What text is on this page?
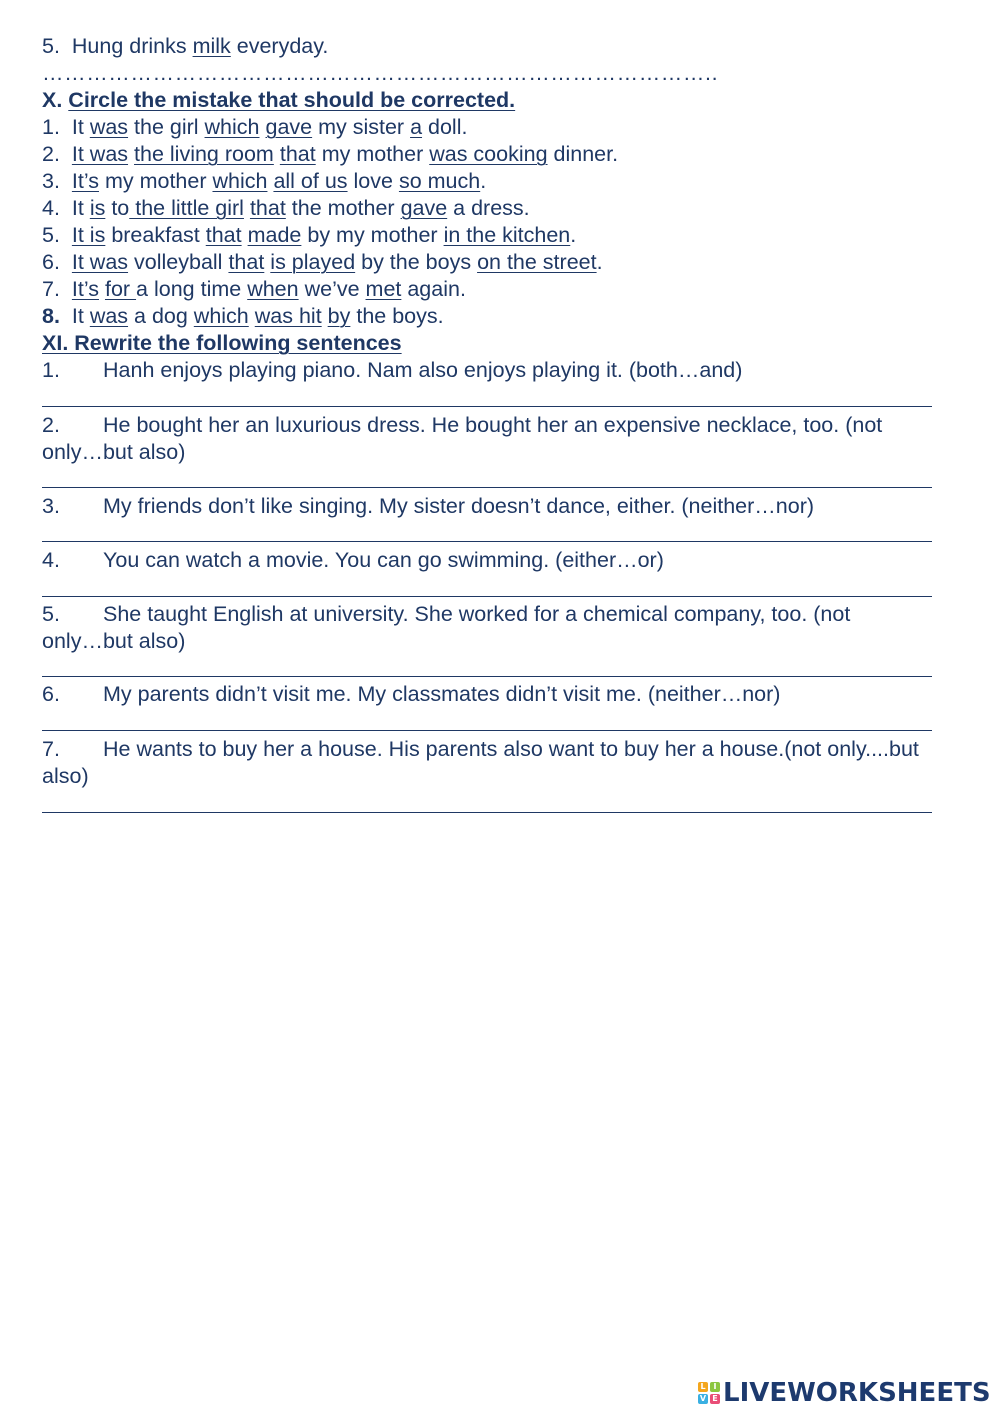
5.  Hung drinks milk everyday.

………………………………………………………………………………..

X. Circle the mistake that should be corrected.

1.  It was the girl which gave my sister a doll.

2.  It was the living room that my mother was cooking dinner.

3.  It’s my mother which all of us love so much.

4.  It is to the little girl that the mother gave a dress.

5.  It is breakfast that made by my mother in the kitchen.

6.  It was volleyball that is played by the boys on the street.

7.  It’s for a long time when we’ve met again.

8.  It was a dog which was hit by the boys.

XI. Rewrite the following sentences

1. Hanh enjoys playing piano. Nam also enjoys playing it. (both…and)

2. He bought her an luxurious dress. He bought her an expensive necklace, too. (not

only…but also)

3. My friends don’t like singing. My sister doesn’t dance, either. (neither…nor)

4. You can watch a movie. You can go swimming. (either…or)

5. She taught English at university. She worked for a chemical company, too. (not

only…but also)

6. My parents didn’t visit me. My classmates didn’t visit me. (neither…nor)

7. He wants to buy her a house. His parents also want to buy her a house.(not only....but

also)

L I
V E LIVEWORKSHEETS
